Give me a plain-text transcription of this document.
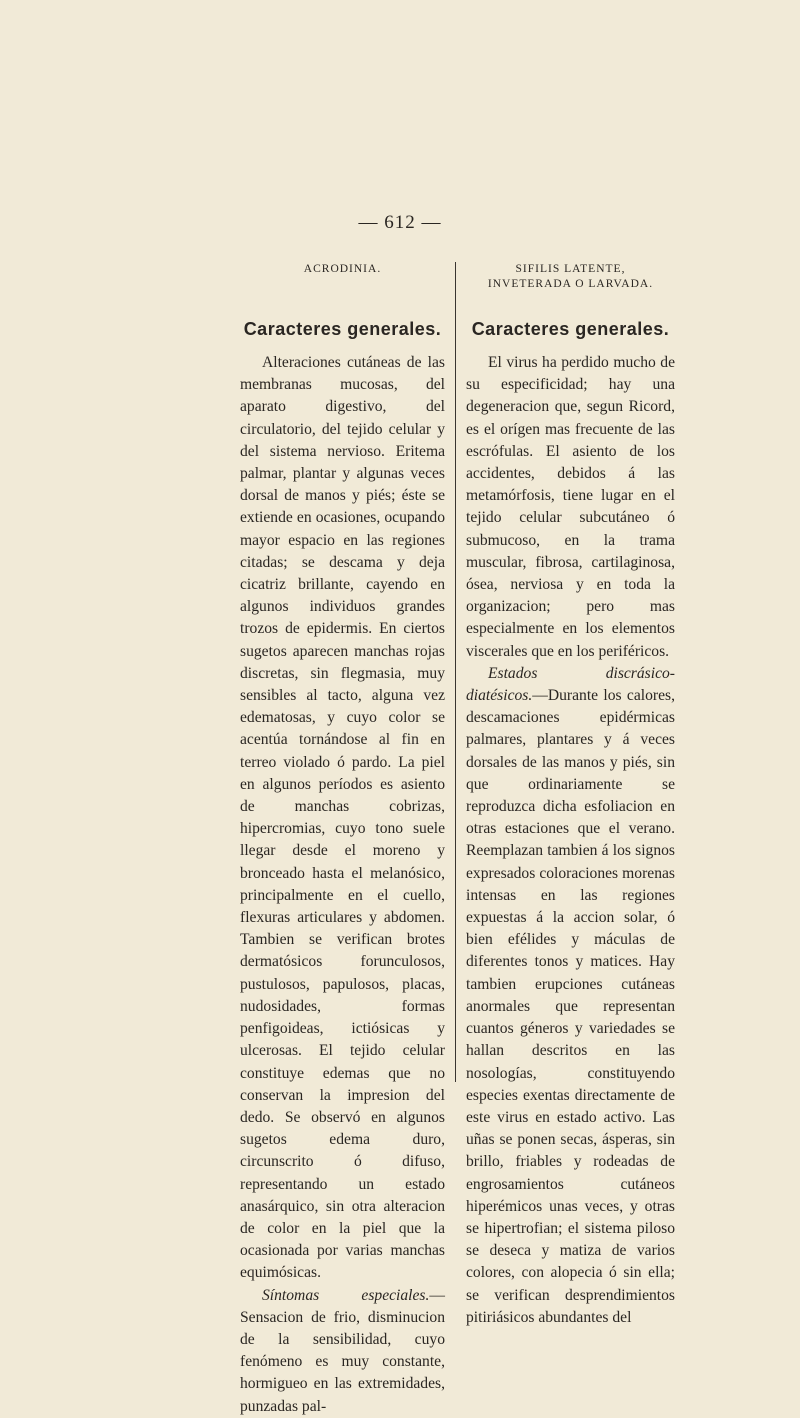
— 612 —
ACRODINIA.
Caracteres generales.

Alteraciones cutáneas de las membranas mucosas, del aparato digestivo, del circulatorio, del tejido celular y del sistema nervioso. Eritema palmar, plantar y algunas veces dorsal de manos y piés; éste se extiende en ocasiones, ocupando mayor espacio en las regiones citadas; se descama y deja cicatriz brillante, cayendo en algunos individuos grandes trozos de epidermis. En ciertos sugetos aparecen manchas rojas discretas, sin flegmasia, muy sensibles al tacto, alguna vez edematosas, y cuyo color se acentúa tornándose al fin en terreo violado ó pardo. La piel en algunos períodos es asiento de manchas cobrizas, hipercromias, cuyo tono suele llegar desde el moreno y bronceado hasta el melanósico, principalmente en el cuello, flexuras articulares y abdomen. Tambien se verifican brotes dermatósicos forunculosos, pustulosos, papulosos, placas, nudosidades, formas penfigoideas, ictiósicas y ulcerosas. El tejido celular constituye edemas que no conservan la impresion del dedo. Se observó en algunos sugetos edema duro, circunscrito ó difuso, representando un estado anasárquico, sin otra alteracion de color en la piel que la ocasionada por varias manchas equimósicas.

Síntomas especiales.—Sensacion de frio, disminucion de la sensibilidad, cuyo fenómeno es muy constante, hormigueo en las extremidades, punzadas pal-

SIFILIS LATENTE,
INVETERADA O LARVADA.
Caracteres generales.

El virus ha perdido mucho de su especificidad; hay una degeneracion que, segun Ricord, es el orígen mas frecuente de las escrófulas. El asiento de los accidentes, debidos á las metamórfosis, tiene lugar en el tejido celular subcutáneo ó submucoso, en la trama muscular, fibrosa, cartilaginosa, ósea, nerviosa y en toda la organizacion; pero mas especialmente en los elementos viscerales que en los periféricos.

Estados discrásico-diatésicos.—Durante los calores, descamaciones epidérmicas palmares, plantares y á veces dorsales de las manos y piés, sin que ordinariamente se reproduzca dicha esfoliacion en otras estaciones que el verano. Reemplazan tambien á los signos expresados coloraciones morenas intensas en las regiones expuestas á la accion solar, ó bien efélides y máculas de diferentes tonos y matices. Hay tambien erupciones cutáneas anormales que representan cuantos géneros y variedades se hallan descritos en las nosologías, constituyendo especies exentas directamente de este virus en estado activo. Las uñas se ponen secas, ásperas, sin brillo, friables y rodeadas de engrosamientos cutáneos hiperémicos unas veces, y otras se hipertrofian; el sistema piloso se deseca y matiza de varios colores, con alopecia ó sin ella; se verifican desprendimientos pitiriásicos abundantes del
